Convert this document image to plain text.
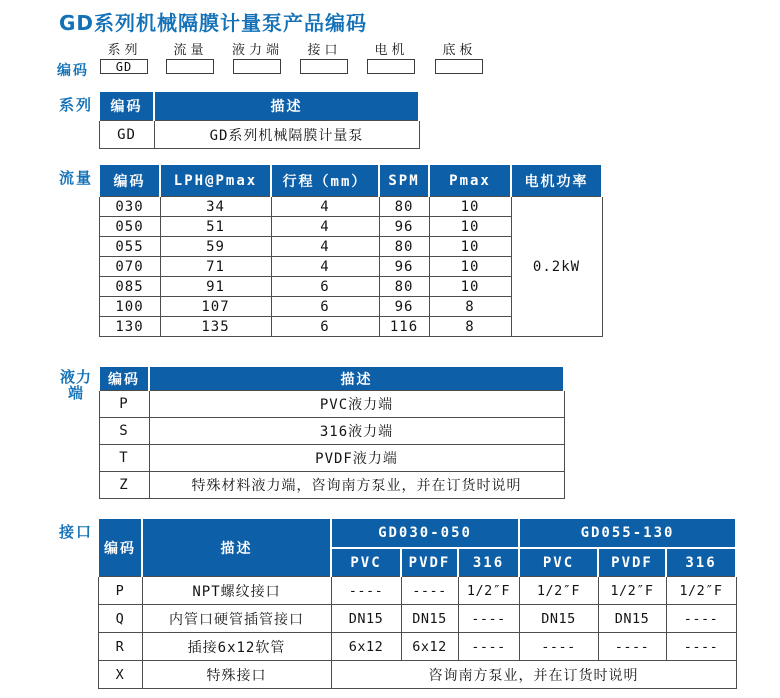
GD系列机械隔膜计量泵产品编码
编码
系列
GD
流量 液力端 接口	电机	底板
系列 编码	描述
GD	GD系列机械隔膜计量泵
流量 编码	LPH@Pmax	行程（mm）	SPM	Pmax	电机功率
030	34	4	80	10	0.2kW
050	51	4	96	10	
055	59	4	80	10	
070	71	4	96	10	
085	91	6	80	10	
100	107	6	96	8	
130	135	6	116	8	
液力
端
编码	描述
P	PVC液力端
S	316液力端
T	PVDF液力端
Z	特殊材料液力端，咨询南方泵业，并在订货时说明
接口
编码	描述	GD030-050			GD055-130		
		PVC	PVDF	316	PVC	PVDF	316
P	NPT螺纹接口	----	----	1/2″F	1/2″F	1/2″F	1/2″F
Q	内管口硬管插管接口	DN15	DN15	----	DN15	DN15	----
R	插接6x12软管	6x12	6x12	----	----	----	----
X	特殊接口	咨询南方泵业，并在订货时说明					
